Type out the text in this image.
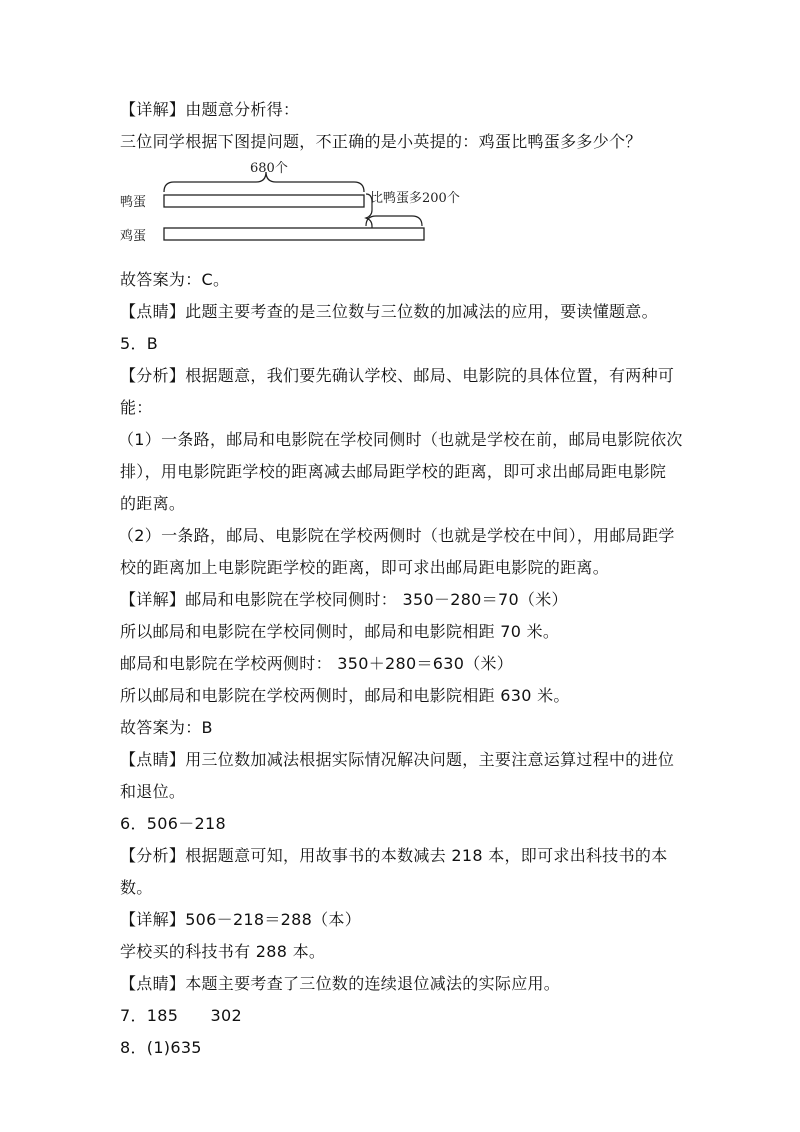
【详解】由题意分析得：
三位同学根据下图提问题，不正确的是小英提的：鸡蛋比鸭蛋多多少个？
680个
鸭蛋	比鸭蛋多200个
鸡蛋
故答案为：C。
【点睛】此题主要考查的是三位数与三位数的加减法的应用，要读懂题意。
5．B
【分析】根据题意，我们要先确认学校、邮局、电影院的具体位置，有两种可
能：
（1）一条路，邮局和电影院在学校同侧时（也就是学校在前，邮局电影院依次
排），用电影院距学校的距离减去邮局距学校的距离，即可求出邮局距电影院
的距离。
（2）一条路，邮局、电影院在学校两侧时（也就是学校在中间），用邮局距学
校的距离加上电影院距学校的距离，即可求出邮局距电影院的距离。
【详解】邮局和电影院在学校同侧时： 350－280＝70（米）
所以邮局和电影院在学校同侧时，邮局和电影院相距 70 米。
邮局和电影院在学校两侧时： 350＋280＝630（米）
所以邮局和电影院在学校两侧时，邮局和电影院相距 630 米。
故答案为：B
【点睛】用三位数加减法根据实际情况解决问题，主要注意运算过程中的进位
和退位。
6．506－218
【分析】根据题意可知，用故事书的本数减去 218 本，即可求出科技书的本
数。
【详解】506－218＝288（本）
学校买的科技书有 288 本。
【点睛】本题主要考查了三位数的连续退位减法的实际应用。
7．185      302
8．(1)635
